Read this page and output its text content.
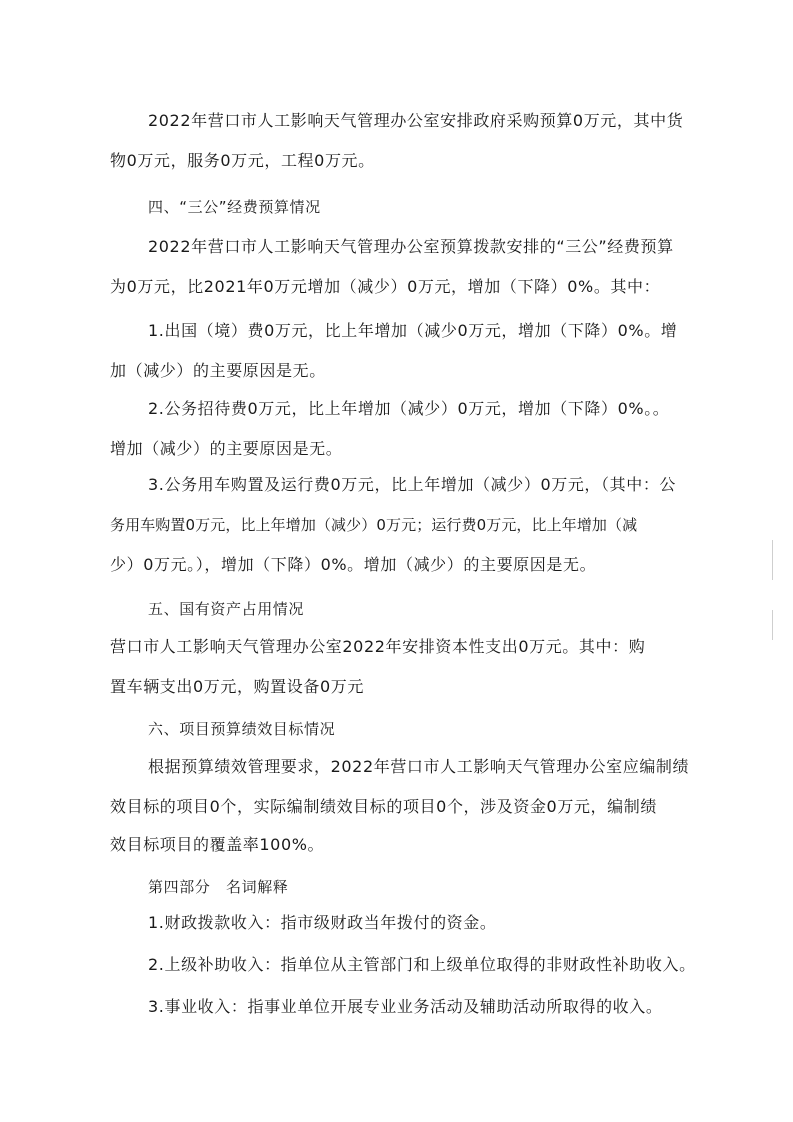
2022年营口市人工影响天气管理办公室安排政府采购预算0万元，其中货
物0万元，服务0万元，工程0万元。
四、“三公”经费预算情况
2022年营口市人工影响天气管理办公室预算拨款安排的“三公”经费预算
为0万元，比2021年0万元增加（减少）0万元，增加（下降）0%。其中：
1.出国（境）费0万元，比上年增加（减少0万元，增加（下降）0%。增
加（减少）的主要原因是无。
2.公务招待费0万元，比上年增加（减少）0万元，增加（下降）0%。。
增加（减少）的主要原因是无。
3.公务用车购置及运行费0万元，比上年增加（减少）0万元，（其中：公
务用车购置0万元，比上年增加（减少）0万元；运行费0万元，比上年增加（减
少）0万元。），增加（下降）0%。增加（减少）的主要原因是无。
五、国有资产占用情况
营口市人工影响天气管理办公室2022年安排资本性支出0万元。其中：购
置车辆支出0万元，购置设备0万元
六、项目预算绩效目标情况
根据预算绩效管理要求，2022年营口市人工影响天气管理办公室应编制绩
效目标的项目0个，实际编制绩效目标的项目0个，涉及资金0万元，编制绩
效目标项目的覆盖率100%。
第四部分　名词解释
1.财政拨款收入：指市级财政当年拨付的资金。
2.上级补助收入：指单位从主管部门和上级单位取得的非财政性补助收入。
3.事业收入：指事业单位开展专业业务活动及辅助活动所取得的收入。
